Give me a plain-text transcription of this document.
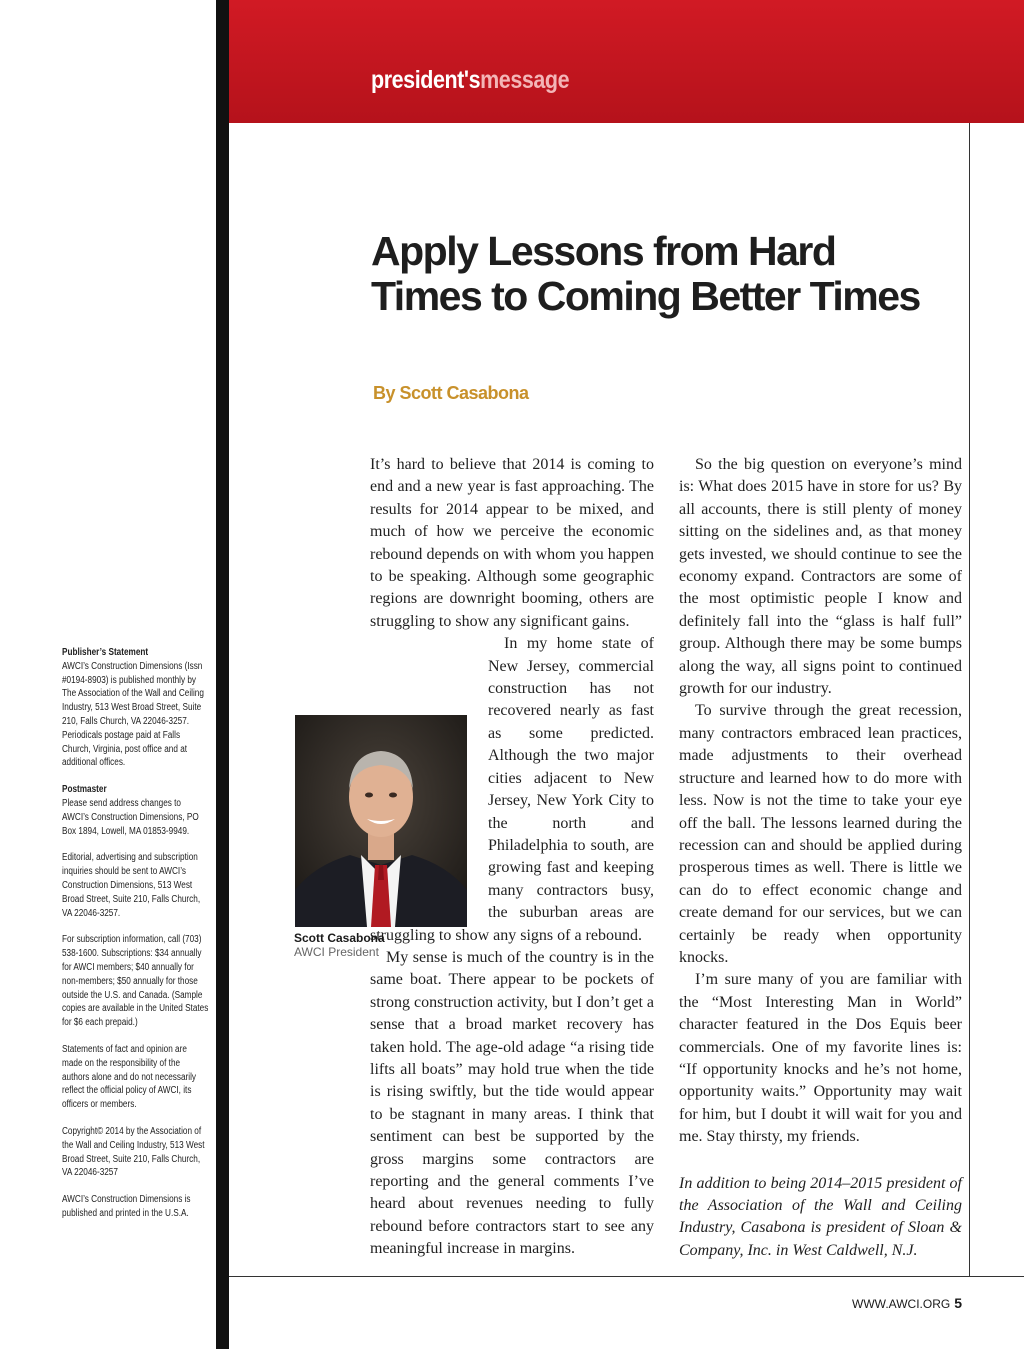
president'smessage

Publisher’s Statement
AWCI’s Construction Dimensions (Issn #0194-8903) is published monthly by The Association of the Wall and Ceiling Industry, 513 West Broad Street, Suite 210, Falls Church, VA 22046-3257. Periodicals postage paid at Falls Church, Virginia, post office and at additional offices.

Postmaster
Please send address changes to AWCI’s Construction Dimensions, PO Box 1894, Lowell, MA 01853-9949.

Editorial, advertising and subscription inquiries should be sent to AWCI’s Construction Dimensions, 513 West Broad Street, Suite 210, Falls Church, VA 22046-3257.

For subscription information, call (703) 538-1600. Subscriptions: $34 annually for AWCI members; $40 annually for non-members; $50 annually for those outside the U.S. and Canada. (Sample copies are available in the United States for $6 each prepaid.)

Statements of fact and opinion are made on the responsibility of the authors alone and do not necessarily reflect the official policy of AWCI, its officers or members.

Copyright© 2014 by the Association of the Wall and Ceiling Industry, 513 West Broad Street, Suite 210, Falls Church, VA 22046-3257

AWCI’s Construction Dimensions is published and printed in the U.S.A.

Apply Lessons from Hard Times to Coming Better Times
By Scott Casabona

It’s hard to believe that 2014 is coming to end and a new year is fast approaching. The results for 2014 appear to be mixed, and much of how we perceive the economic rebound depends on with whom you happen to be speaking. Although some geographic regions are downright booming, others are struggling to show any significant gains.

In my home state of New Jersey, commercial construction has not recovered nearly as fast as some predicted. Although the two major cities adjacent to New Jersey, New York City to the north and Philadelphia to south, are growing fast and keeping many contractors busy, the suburban areas are struggling to show any signs of a rebound.

My sense is much of the country is in the same boat. There appear to be pockets of strong construction activity, but I don’t get a sense that a broad market recovery has taken hold. The age-old adage “a rising tide lifts all boats” may hold true when the tide is rising swiftly, but the tide would appear to be stagnant in many areas. I think that sentiment can best be supported by the gross margins some contractors are reporting and the general comments I’ve heard about revenues needing to fully rebound before contractors start to see any meaningful increase in margins.

So the big question on everyone’s mind is: What does 2015 have in store for us? By all accounts, there is still plenty of money sitting on the sidelines and, as that money gets invested, we should continue to see the economy expand. Contractors are some of the most optimistic people I know and definitely fall into the “glass is half full” group. Although there may be some bumps along the way, all signs point to continued growth for our industry.

To survive through the great recession, many contractors embraced lean practices, made adjustments to their overhead structure and learned how to do more with less. Now is not the time to take your eye off the ball. The lessons learned during the recession can and should be applied during prosperous times as well. There is little we can do to effect economic change and create demand for our services, but we can certainly be ready when opportunity knocks.

I’m sure many of you are familiar with the “Most Interesting Man in World” character featured in the Dos Equis beer commercials. One of my favorite lines is: “If opportunity knocks and he’s not home, opportunity waits.” Opportunity may wait for him, but I doubt it will wait for you and me. Stay thirsty, my friends.

In addition to being 2014–2015 president of the Association of the Wall and Ceiling Industry, Casabona is president of Sloan & Company, Inc. in West Caldwell, N.J.

Scott Casabona
AWCI President
WWW.AWCI.ORG 5
